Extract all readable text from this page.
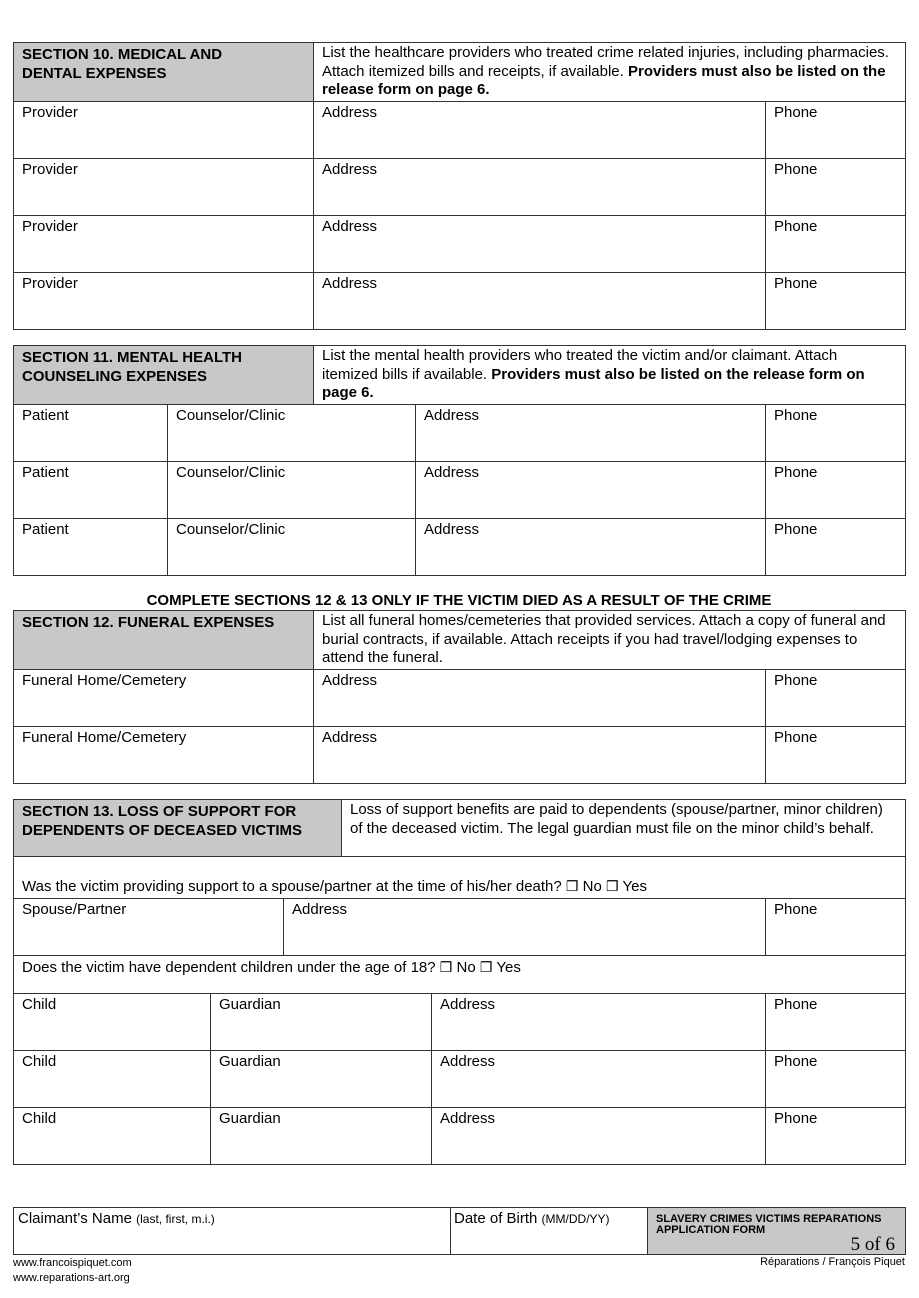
SECTION 10. MEDICAL AND
DENTAL EXPENSES	List the healthcare providers who treated crime related injuries, including pharmacies. Attach itemized bills and receipts, if available. Providers must also be listed on the release form on page 6.	
Provider	Address	Phone
Provider	Address	Phone
Provider	Address	Phone
Provider	Address	Phone
SECTION 11. MENTAL HEALTH
COUNSELING EXPENSES		List the mental health providers who treated the victim and/or claimant. Attach itemized bills if available. Providers must also be listed on the release form on page 6.		
Patient	Counselor/Clinic		Address	Phone
Patient	Counselor/Clinic		Address	Phone
Patient	Counselor/Clinic		Address	Phone
COMPLETE SECTIONS 12 & 13 ONLY IF THE VICTIM DIED AS A RESULT OF THE CRIME
SECTION 12. FUNERAL EXPENSES	List all funeral homes/cemeteries that provided services. Attach a copy of funeral and burial contracts, if available. Attach receipts if you had travel/lodging expenses to attend the funeral.	
Funeral Home/Cemetery	Address	Phone
Funeral Home/Cemetery	Address	Phone
SECTION 13. LOSS OF SUPPORT FOR
DEPENDENTS OF DECEASED VICTIMS			Loss of support benefits are paid to dependents (spouse/partner, minor children) of the deceased victim. The legal guardian must file on the minor child’s behalf.		
Was the victim providing support to a spouse/partner at the time of his/her death? ❒ No ❒ Yes					
Spouse/Partner		Address			Phone
Does the victim have dependent children under the age of 18? ❒ No ❒ Yes					
Child	Guardian			Address	Phone
Child	Guardian			Address	Phone
Child	Guardian			Address	Phone
Claimant’s Name (last, first, m.i.)	Date of Birth (MM/DD/YY)	SLAVERY CRIMES VICTIMS REPARATIONS
APPLICATION FORM
5 of 6
www.francoispiquet.com
www.reparations-art.org
Réparations / François Piquet
